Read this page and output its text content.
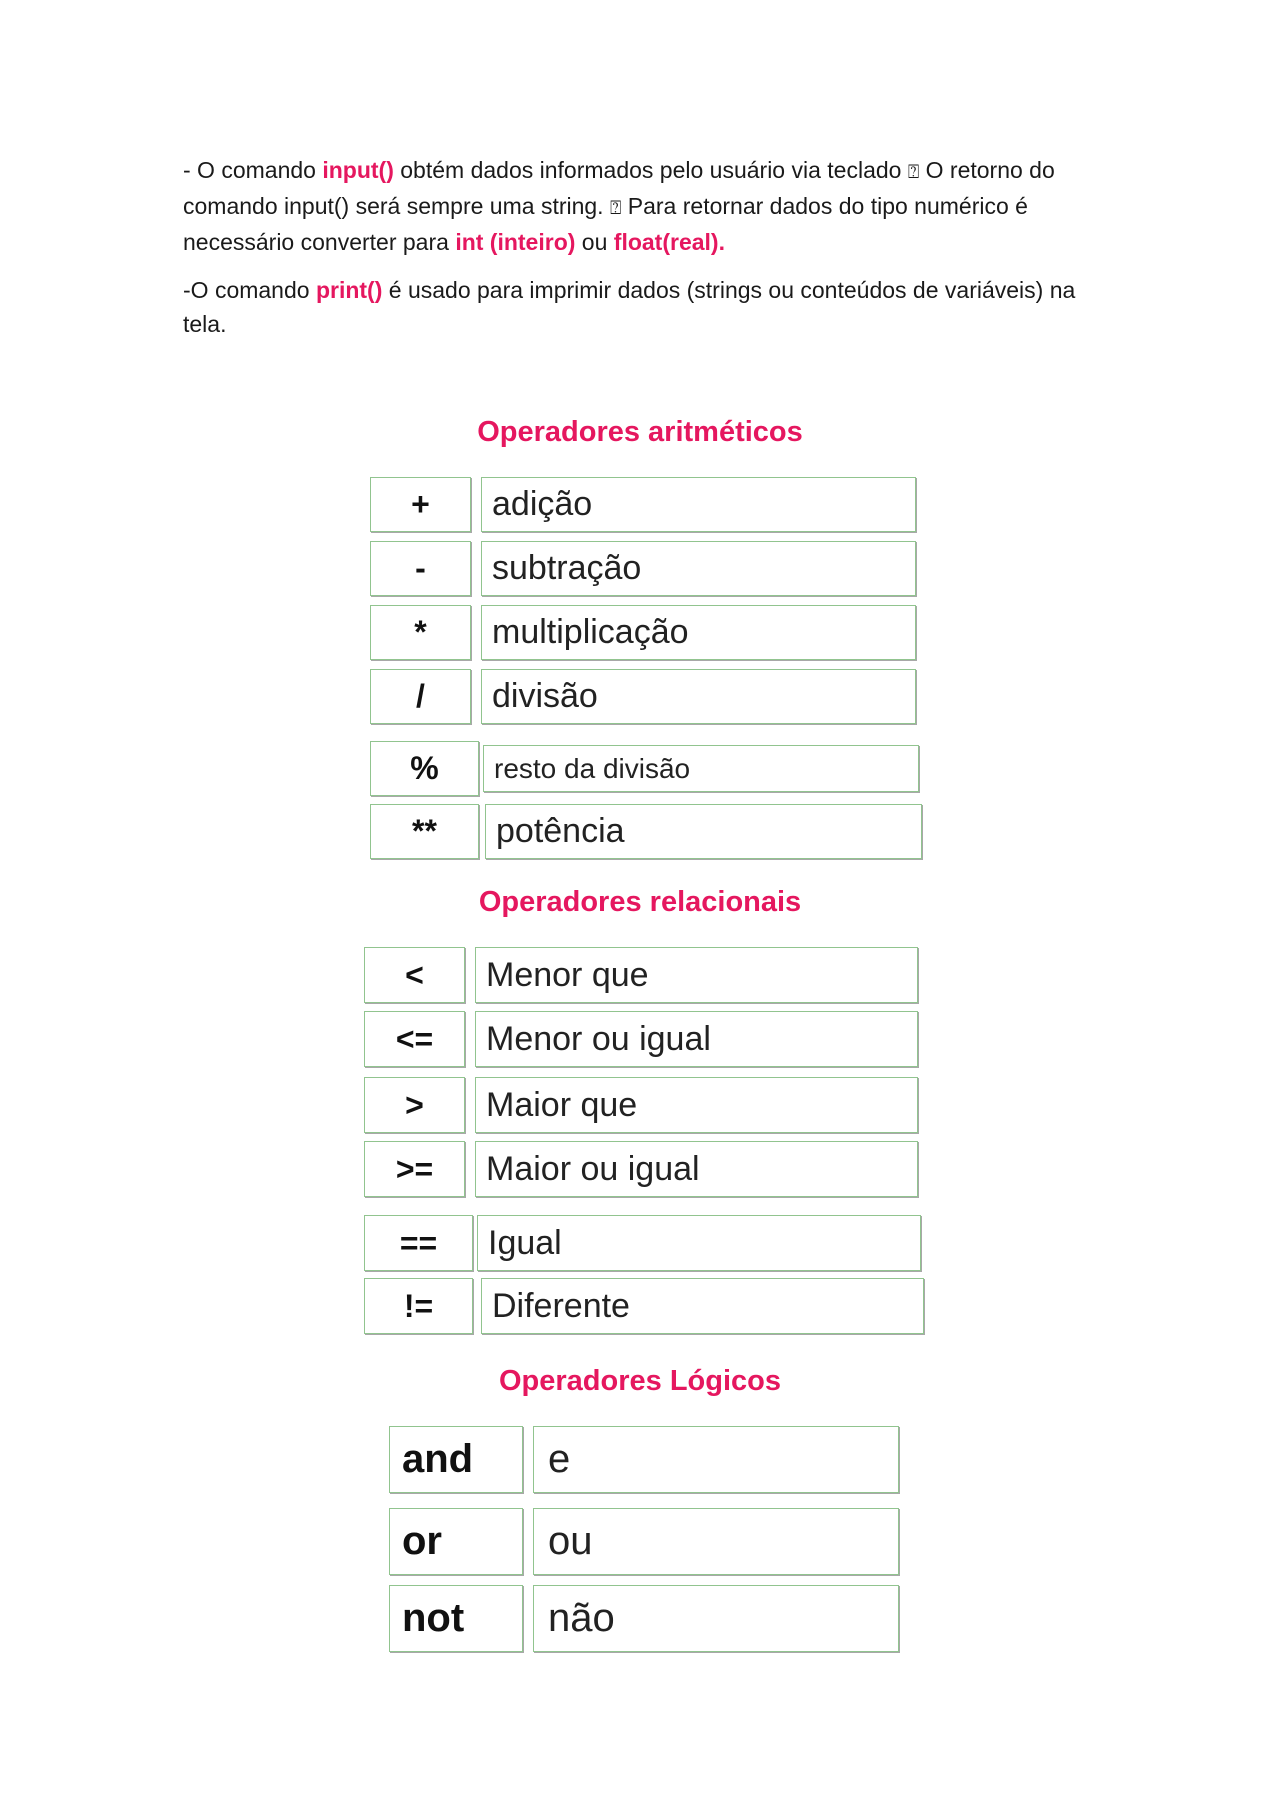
- O comando input() obtém dados informados pelo usuário via teclado ⍰ O retorno do comando input() será sempre uma string. ⍰ Para retornar dados do tipo numérico é necessário converter para int (inteiro) ou float(real).

-O comando print() é usado para imprimir dados (strings ou conteúdos de variáveis) na tela.

Operadores aritméticos
+	adição
-	subtração
*	multiplicação
/	divisão
%	resto da divisão
**	potência
Operadores relacionais
<	Menor que
<=	Menor ou igual
>	Maior que
>=	Maior ou igual
==	Igual
!=	Diferente
Operadores Lógicos
and	e
or	ou
not	não
